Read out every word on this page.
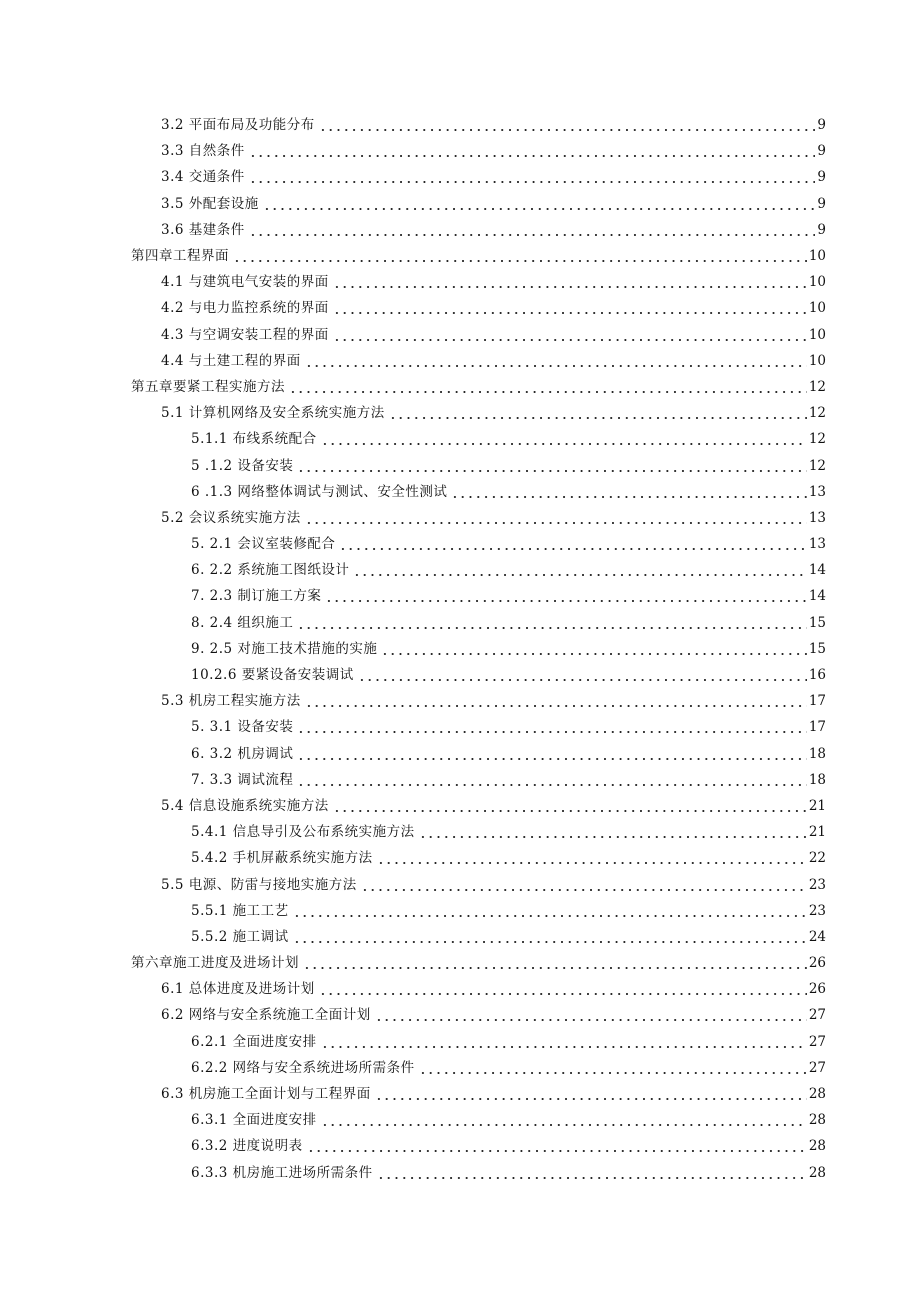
3.2 平面布局及功能分布	9
3.3 自然条件	9
3.4 交通条件	9
3.5 外配套设施	9
3.6 基建条件	9
第四章工程界面	10
4.1 与建筑电气安装的界面	10
4.2 与电力监控系统的界面	10
4.3 与空调安装工程的界面	10
4.4 与土建工程的界面	10
第五章要紧工程实施方法	12
5.1 计算机网络及安全系统实施方法	12
5.1.1 布线系统配合	12
5 .1.2 设备安装	12
6 .1.3 网络整体调试与测试、安全性测试	13
5.2 会议系统实施方法	13
5. 2.1 会议室装修配合	13
6. 2.2 系统施工图纸设计	14
7. 2.3 制订施工方案	14
8. 2.4 组织施工	15
9. 2.5 对施工技术措施的实施	15
10.2.6 要紧设备安装调试	16
5.3 机房工程实施方法	17
5. 3.1 设备安装	17
6. 3.2 机房调试	18
7. 3.3 调试流程	18
5.4 信息设施系统实施方法	21
5.4.1 信息导引及公布系统实施方法	21
5.4.2 手机屏蔽系统实施方法	22
5.5 电源、防雷与接地实施方法	23
5.5.1 施工工艺	23
5.5.2 施工调试	24
第六章施工进度及进场计划	26
6.1 总体进度及进场计划	26
6.2 网络与安全系统施工全面计划	27
6.2.1 全面进度安排	27
6.2.2 网络与安全系统进场所需条件	27
6.3 机房施工全面计划与工程界面	28
6.3.1 全面进度安排	28
6.3.2 进度说明表	28
6.3.3 机房施工进场所需条件	28
